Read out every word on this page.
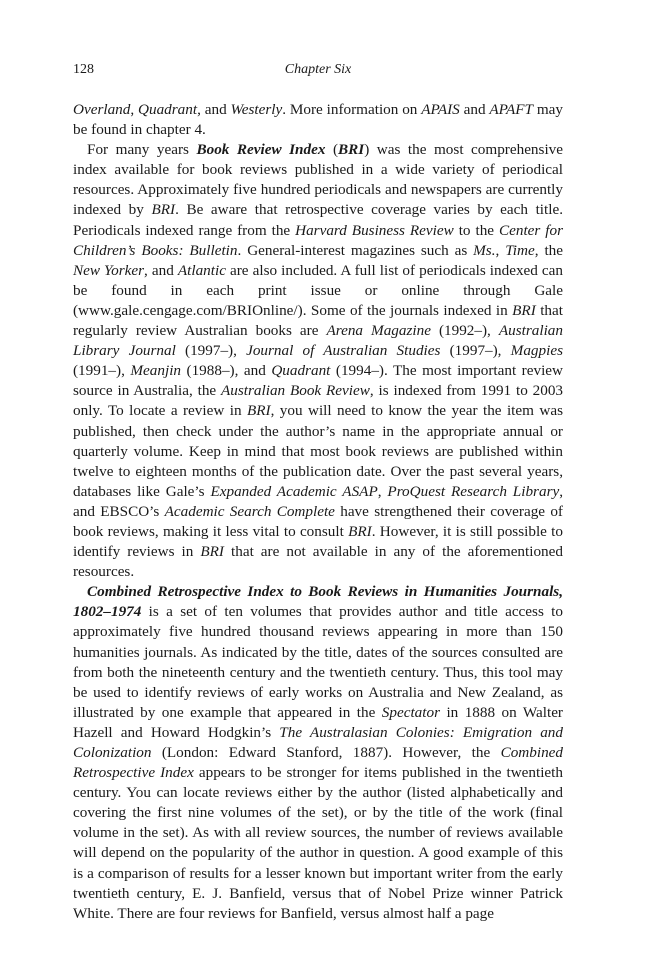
128	Chapter Six

Overland, Quadrant, and Westerly. More information on APAIS and APAFT may be found in chapter 4.

For many years Book Review Index (BRI) was the most comprehensive index available for book reviews published in a wide variety of periodical resources. Approximately five hundred periodicals and newspapers are currently indexed by BRI. Be aware that retrospective coverage varies by each title. Periodicals indexed range from the Harvard Business Review to the Center for Children’s Books: Bulletin. General-interest magazines such as Ms., Time, the New Yorker, and Atlantic are also included. A full list of periodicals indexed can be found in each print issue or online through Gale (www.gale.cengage.com/BRIOnline/). Some of the journals indexed in BRI that regularly review Australian books are Arena Magazine (1992–), Australian Library Journal (1997–), Journal of Australian Studies (1997–), Magpies (1991–), Meanjin (1988–), and Quadrant (1994–). The most important review source in Australia, the Australian Book Review, is indexed from 1991 to 2003 only. To locate a review in BRI, you will need to know the year the item was published, then check under the author’s name in the appropriate annual or quarterly volume. Keep in mind that most book reviews are published within twelve to eighteen months of the publication date. Over the past several years, databases like Gale’s Expanded Academic ASAP, ProQuest Research Library, and EBSCO’s Academic Search Complete have strengthened their coverage of book reviews, making it less vital to consult BRI. However, it is still possible to identify reviews in BRI that are not available in any of the aforementioned resources.

Combined Retrospective Index to Book Reviews in Humanities Journals, 1802–1974 is a set of ten volumes that provides author and title access to approximately five hundred thousand reviews appearing in more than 150 humanities journals. As indicated by the title, dates of the sources consulted are from both the nineteenth century and the twentieth century. Thus, this tool may be used to identify reviews of early works on Australia and New Zealand, as illustrated by one example that appeared in the Spectator in 1888 on Walter Hazell and Howard Hodgkin’s The Australasian Colonies: Emigration and Colonization (London: Edward Stanford, 1887). However, the Combined Retrospective Index appears to be stronger for items published in the twentieth century. You can locate reviews either by the author (listed alphabetically and covering the first nine volumes of the set), or by the title of the work (final volume in the set). As with all review sources, the number of reviews available will depend on the popularity of the author in question. A good example of this is a comparison of results for a lesser known but important writer from the early twentieth century, E. J. Banfield, versus that of Nobel Prize winner Patrick White. There are four reviews for Banfield, versus almost half a page
